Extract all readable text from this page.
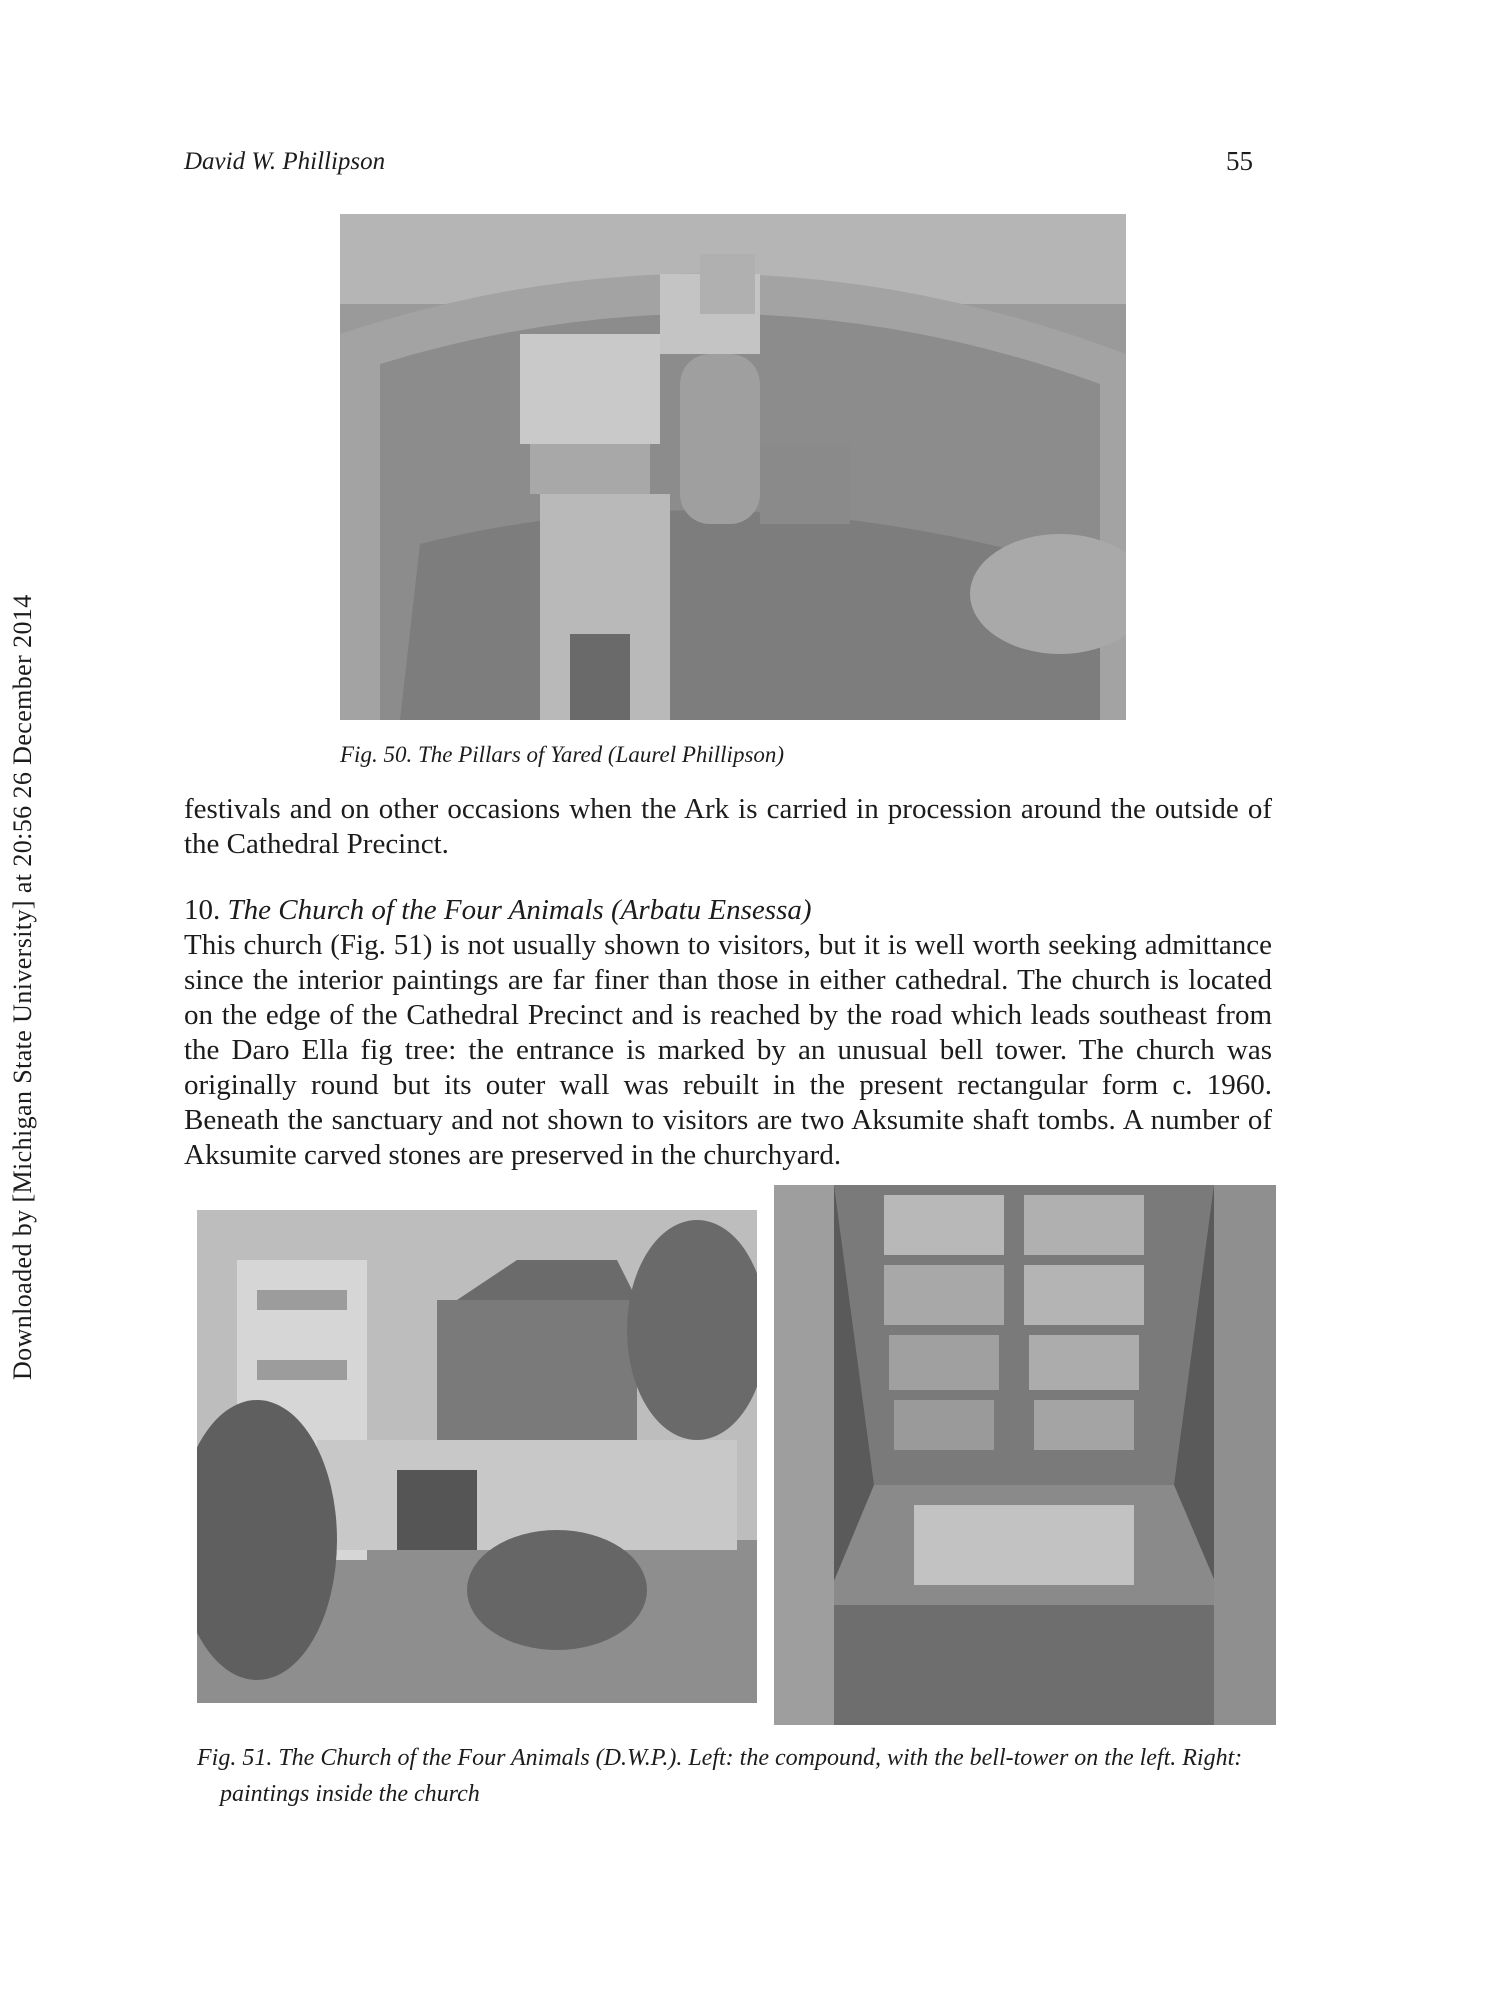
David W. Phillipson	55
Downloaded by [Michigan State University] at 20:56 26 December 2014	Fig. 50. The Pillars of Yared (Laurel Phillipson)

festivals and on other occasions when the Ark is carried in procession around the outside of the Cathedral Precinct.

10. The Church of the Four Animals (Arbatu Ensessa)

This church (Fig. 51) is not usually shown to visitors, but it is well worth seeking admittance since the interior paintings are far finer than those in either cathedral. The church is located on the edge of the Cathedral Precinct and is reached by the road which leads southeast from the Daro Ella fig tree: the entrance is marked by an unusual bell tower. The church was originally round but its outer wall was rebuilt in the present rectangular form c. 1960. Beneath the sanctuary and not shown to visitors are two Aksumite shaft tombs. A number of Aksumite carved stones are preserved in the churchyard.

Fig. 51. The Church of the Four Animals (D.W.P.). Left: the compound, with the bell-tower on the left. Right:
paintings inside the church
